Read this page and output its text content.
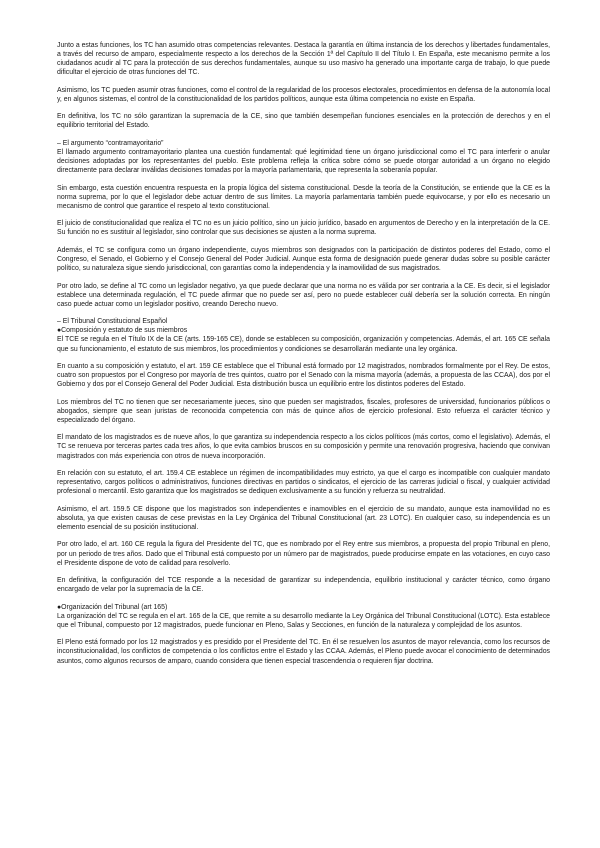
Junto a estas funciones, los TC han asumido otras competencias relevantes. Destaca la garantía en última instancia de los derechos y libertades fundamentales, a través del recurso de amparo, especialmente respecto a los derechos de la Sección 1ª del Capítulo II del Título I. En España, este mecanismo permite a los ciudadanos acudir al TC para la protección de sus derechos fundamentales, aunque su uso masivo ha generado una importante carga de trabajo, lo que puede dificultar el ejercicio de otras funciones del TC.

Asimismo, los TC pueden asumir otras funciones, como el control de la regularidad de los procesos electorales, procedimientos en defensa de la autonomía local y, en algunos sistemas, el control de la constitucionalidad de los partidos políticos, aunque esta última competencia no existe en España.

En definitiva, los TC no sólo garantizan la supremacía de la CE, sino que también desempeñan funciones esenciales en la protección de derechos y en el equilibrio territorial del Estado.

– El argumento “contramayoritario”

El llamado argumento contramayoritario plantea una cuestión fundamental: qué legitimidad tiene un órgano jurisdiccional como el TC para interferir o anular decisiones adoptadas por los representantes del pueblo. Este problema refleja la crítica sobre cómo se puede otorgar autoridad a un órgano no elegido directamente para declarar inválidas decisiones tomadas por la mayoría parlamentaria, que representa la soberanía popular.

Sin embargo, esta cuestión encuentra respuesta en la propia lógica del sistema constitucional. Desde la teoría de la Constitución, se entiende que la CE es la norma suprema, por lo que el legislador debe actuar dentro de sus límites. La mayoría parlamentaria también puede equivocarse, y por ello es necesario un mecanismo de control que garantice el respeto al texto constitucional.

El juicio de constitucionalidad que realiza el TC no es un juicio político, sino un juicio jurídico, basado en argumentos de Derecho y en la interpretación de la CE. Su función no es sustituir al legislador, sino controlar que sus decisiones se ajusten a la norma suprema.

Además, el TC se configura como un órgano independiente, cuyos miembros son designados con la participación de distintos poderes del Estado, como el Congreso, el Senado, el Gobierno y el Consejo General del Poder Judicial. Aunque esta forma de designación puede generar dudas sobre su posible carácter político, su naturaleza sigue siendo jurisdiccional, con garantías como la independencia y la inamovilidad de sus magistrados.

Por otro lado, se define al TC como un legislador negativo, ya que puede declarar que una norma no es válida por ser contraria a la CE. Es decir, si el legislador establece una determinada regulación, el TC puede afirmar que no puede ser así, pero no puede establecer cuál debería ser la solución correcta. En ningún caso puede actuar como un legislador positivo, creando Derecho nuevo.

– El Tribunal Constitucional Español

●Composición y estatuto de sus miembros

El TCE se regula en el Título IX de la CE (arts. 159-165 CE), donde se establecen su composición, organización y competencias. Además, el art. 165 CE señala que su funcionamiento, el estatuto de sus miembros, los procedimientos y condiciones se desarrollarán mediante una ley orgánica.

En cuanto a su composición y estatuto, el art. 159 CE establece que el Tribunal está formado por 12 magistrados, nombrados formalmente por el Rey. De estos, cuatro son propuestos por el Congreso por mayoría de tres quintos, cuatro por el Senado con la misma mayoría (además, a propuesta de las CCAA), dos por el Gobierno y dos por el Consejo General del Poder Judicial. Esta distribución busca un equilibrio entre los distintos poderes del Estado.

Los miembros del TC no tienen que ser necesariamente jueces, sino que pueden ser magistrados, fiscales, profesores de universidad, funcionarios públicos o abogados, siempre que sean juristas de reconocida competencia con más de quince años de ejercicio profesional. Esto refuerza el carácter técnico y especializado del órgano.

El mandato de los magistrados es de nueve años, lo que garantiza su independencia respecto a los ciclos políticos (más cortos, como el legislativo). Además, el TC se renueva por terceras partes cada tres años, lo que evita cambios bruscos en su composición y permite una renovación progresiva, haciendo que convivan magistrados con más experiencia con otros de nueva incorporación.

En relación con su estatuto, el art. 159.4 CE establece un régimen de incompatibilidades muy estricto, ya que el cargo es incompatible con cualquier mandato representativo, cargos políticos o administrativos, funciones directivas en partidos o sindicatos, el ejercicio de las carreras judicial o fiscal, y cualquier actividad profesional o mercantil. Esto garantiza que los magistrados se dediquen exclusivamente a su función y refuerza su neutralidad.

Asimismo, el art. 159.5 CE dispone que los magistrados son independientes e inamovibles en el ejercicio de su mandato, aunque esta inamovilidad no es absoluta, ya que existen causas de cese previstas en la Ley Orgánica del Tribunal Constitucional (art. 23 LOTC). En cualquier caso, su independencia es un elemento esencial de su posición institucional.

Por otro lado, el art. 160 CE regula la figura del Presidente del TC, que es nombrado por el Rey entre sus miembros, a propuesta del propio Tribunal en pleno, por un periodo de tres años. Dado que el Tribunal está compuesto por un número par de magistrados, puede producirse empate en las votaciones, en cuyo caso el Presidente dispone de voto de calidad para resolverlo.

En definitiva, la configuración del TCE responde a la necesidad de garantizar su independencia, equilibrio institucional y carácter técnico, como órgano encargado de velar por la supremacía de la CE.

●Organización del Tribunal (art 165)

La organización del TC se regula en el art. 165 de la CE, que remite a su desarrollo mediante la Ley Orgánica del Tribunal Constitucional (LOTC). Esta establece que el Tribunal, compuesto por 12 magistrados, puede funcionar en Pleno, Salas y Secciones, en función de la naturaleza y complejidad de los asuntos.

El Pleno está formado por los 12 magistrados y es presidido por el Presidente del TC. En él se resuelven los asuntos de mayor relevancia, como los recursos de inconstitucionalidad, los conflictos de competencia o los conflictos entre el Estado y las CCAA. Además, el Pleno puede avocar el conocimiento de determinados asuntos, como algunos recursos de amparo, cuando considera que tienen especial trascendencia o requieren fijar doctrina.
